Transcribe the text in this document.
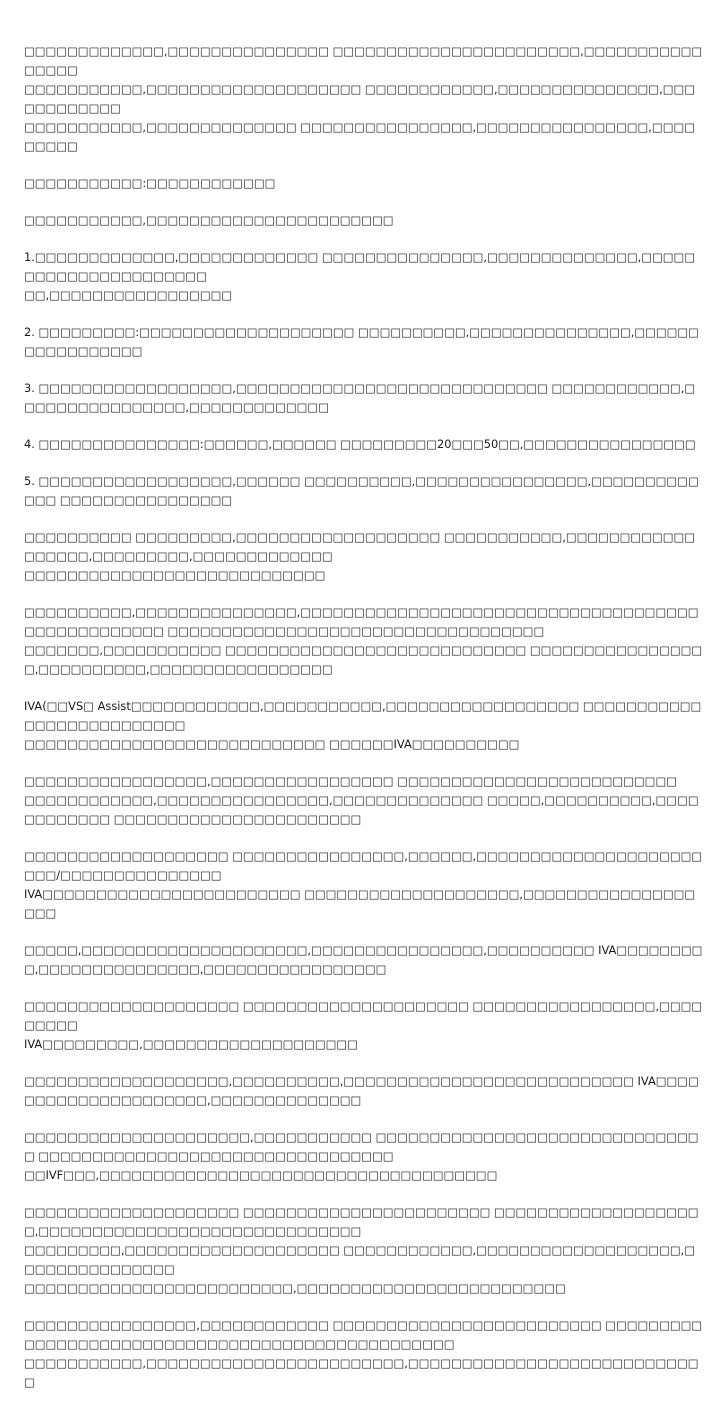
□□□□□□□□□□□□□,□□□□□□□□□□□□□□□ □□□□□□□□□□□□□□□□□□□□□□□,□□□□□□□□□□□□□□□□
□□□□□□□□□□□,□□□□□□□□□□□□□□□□□□□□ □□□□□□□□□□□□,□□□□□□□□□□□□□□□,□□□□□□□□□□□□
□□□□□□□□□□□,□□□□□□□□□□□□□□ □□□□□□□□□□□□□□□□,□□□□□□□□□□□□□□□□,□□□□□□□□□

□□□□□□□□□□□:□□□□□□□□□□□□

□□□□□□□□□□□,□□□□□□□□□□□□□□□□□□□□□□□

1.□□□□□□□□□□□□□,□□□□□□□□□□□□□ □□□□□□□□□□□□□□□,□□□□□□□□□□□□□□,□□□□□□□□□□□□□□□□□□□□□□
□□,□□□□□□□□□□□□□□□□□

2. □□□□□□□□□:□□□□□□□□□□□□□□□□□□□□ □□□□□□□□□□,□□□□□□□□□□□□□□□,□□□□□□□□□□□□□□□□□

3. □□□□□□□□□□□□□□□□□□,□□□□□□□□□□□□□□□□□□□□□□□□□□□□□ □□□□□□□□□□□□,□□□□□□□□□□□□□□□□,□□□□□□□□□□□□□

4. □□□□□□□□□□□□□□□:□□□□□□,□□□□□□ □□□□□□□□□20□□□50□□,□□□□□□□□□□□□□□□□

5. □□□□□□□□□□□□□□□□□□,□□□□□□ □□□□□□□□□□,□□□□□□□□□□□□□□□□,□□□□□□□□□□□□□ □□□□□□□□□□□□□□□□

□□□□□□□□□□ □□□□□□□□□,□□□□□□□□□□□□□□□□□□□ □□□□□□□□□□□,□□□□□□□□□□□□□□□□□□,□□□□□□□□□,□□□□□□□□□□□□□
□□□□□□□□□□□□□□□□□□□□□□□□□□□□

□□□□□□□□□□,□□□□□□□□□□□□□□□,□□□□□□□□□□□□□□□□□□□□□□□□□□□□□□□□□□□□□□□□□□□□□□□□□□ □□□□□□□□□□□□□□□□□□□□□□□□□□□□□□□□□□□
□□□□□□□,□□□□□□□□□□□ □□□□□□□□□□□□□□□□□□□□□□□□□□□□ □□□□□□□□□□□□□□□□□,□□□□□□□□□□,□□□□□□□□□□□□□□□□□

IVA(□□VS□ Assist□□□□□□□□□□□□,□□□□□□□□□□□,□□□□□□□□□□□□□□□□□□ □□□□□□□□□□□□□□□□□□□□□□□□□□
□□□□□□□□□□□□□□□□□□□□□□□□□□□□ □□□□□□IVA□□□□□□□□□□

□□□□□□□□□□□□□□□□□,□□□□□□□□□□□□□□□□□ □□□□□□□□□□□□□□□□□□□□□□□□□□
□□□□□□□□□□□□,□□□□□□□□□□□□□□□□,□□□□□□□□□□□□□□ □□□□□,□□□□□□□□□□,□□□□□□□□□□□□ □□□□□□□□□□□□□□□□□□□□□□□

□□□□□□□□□□□□□□□□□□□ □□□□□□□□□□□□□□□□,□□□□□□,□□□□□□□□□□□□□□□□□□□□□□□□/□□□□□□□□□□□□□□□
IVA□□□□□□□□□□□□□□□□□□□□□□□□ □□□□□□□□□□□□□□□□□□□□,□□□□□□□□□□□□□□□□□□□

□□□□□,□□□□□□□□□□□□□□□□□□□□□,□□□□□□□□□□□□□□□□,□□□□□□□□□□ IVA□□□□□□□□□,□□□□□□□□□□□□□□□,□□□□□□□□□□□□□□□□□

□□□□□□□□□□□□□□□□□□□□ □□□□□□□□□□□□□□□□□□□□□ □□□□□□□□□□□□□□□□□,□□□□□□□□□
IVA□□□□□□□□□,□□□□□□□□□□□□□□□□□□□□

□□□□□□□□□□□□□□□□□□□,□□□□□□□□□□,□□□□□□□□□□□□□□□□□□□□□□□□□□□ IVA□□□□□□□□□□□□□□□□□□□□□,□□□□□□□□□□□□□□

□□□□□□□□□□□□□□□□□□□□□,□□□□□□□□□□□ □□□□□□□□□□□□□□□□□□□□□□□□□□□□□□□ □□□□□□□□□□□□□□□□□□□□□□□□□□□□□□□□□
□□IVF□□□,□□□□□□□□□□□□□□□□□□□□□□□□□□□□□□□□□□□□□

□□□□□□□□□□□□□□□□□□□□ □□□□□□□□□□□□□□□□□□□□□□□ □□□□□□□□□□□□□□□□□□□□,□□□□□□□□□□□□□□□□□□□□□□□□□□□□□□
□□□□□□□□□,□□□□□□□□□□□□□□□□□□□□ □□□□□□□□□□□□,□□□□□□□□□□□□□□□□□□□,□□□□□□□□□□□□□□□
□□□□□□□□□□□□□□□□□□□□□□□□□,□□□□□□□□□□□□□□□□□□□□□□□□□

□□□□□□□□□□□□□□□□,□□□□□□□□□□□□ □□□□□□□□□□□□□□□□□□□□□□□□□ □□□□□□□□□□□□□□□□□□□□□□□□□□□□□□□□□□□□□□□□□□□□□□□□□
□□□□□□□□□□□,□□□□□□□□□□□□□□□□□□□□□□□□,□□□□□□□□□□□□□□□□□□□□□□□□□□□□
